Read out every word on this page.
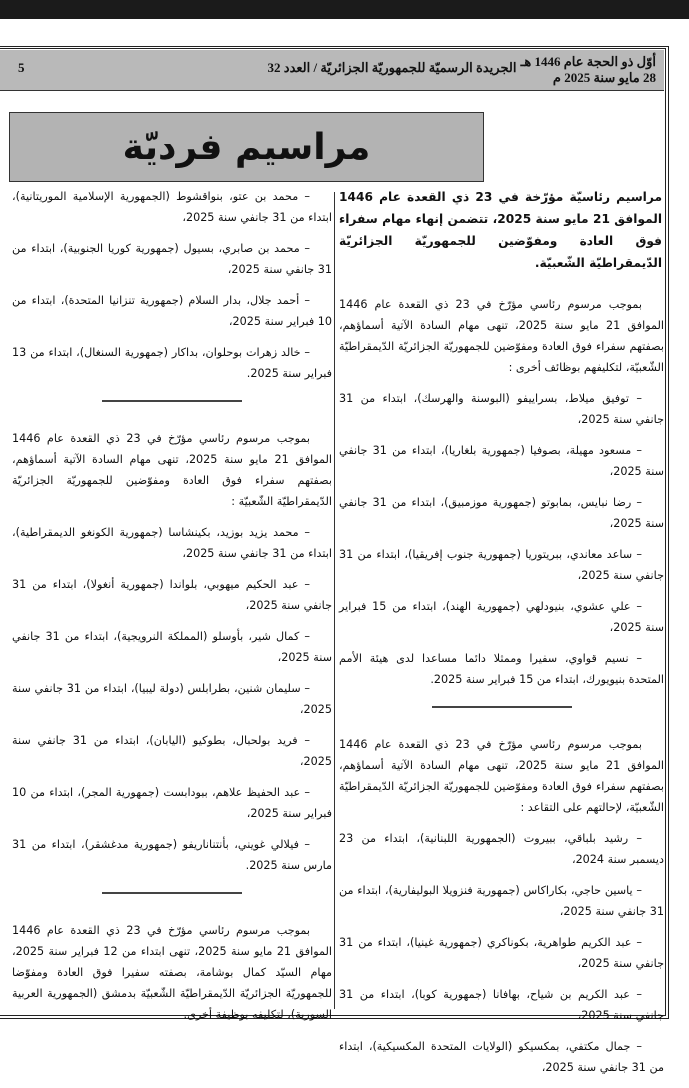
أوّل ذو الحجة عام 1446 هـ
28 مايو سنة 2025 م
الجريدة الرسميّة للجمهوريّة الجزائريّة / العدد 32
5
مراسيم فرديّة
مراسيم رئاسيّة مؤرّخة في 23 ذي القعدة عام 1446 الموافق 21 مايو سنة 2025، تتضمن إنهاء مهام سفراء فوق العادة ومفوّضين للجمهوريّة الجزائريّة الدّيمقراطيّة الشّعبيّة.

بموجب مرسوم رئاسي مؤرّخ في 23 ذي القعدة عام 1446 الموافق 21 مايو سنة 2025، تنهى مهام السادة الآتية أسماؤهم، بصفتهم سفراء فوق العادة ومفوّضين للجمهوريّة الجزائريّة الدّيمقراطيّة الشّعبيّة، لتكليفهم بوظائف أخرى :

– توفيق ميلاط، بسراييفو (البوسنة والهرسك)، ابتداء من 31 جانفي سنة 2025،

– مسعود مهيلة، بصوفيا (جمهورية بلغاريا)، ابتداء من 31 جانفي سنة 2025،

– رضا نبايس، بمابوتو (جمهورية موزمبيق)، ابتداء من 31 جانفي سنة 2025،

– ساعد معاندي، ببريتوريا (جمهورية جنوب إفريقيا)، ابتداء من 31 جانفي سنة 2025،

– علي عشوي، بنيودلهي (جمهورية الهند)، ابتداء من 15 فبراير سنة 2025،

– نسيم قواوي، سفيرا وممثلا دائما مساعدا لدى هيئة الأمم المتحدة بنيويورك، ابتداء من 15 فبراير سنة 2025.

بموجب مرسوم رئاسي مؤرّخ في 23 ذي القعدة عام 1446 الموافق 21 مايو سنة 2025، تنهى مهام السادة الآتية أسماؤهم، بصفتهم سفراء فوق العادة ومفوّضين للجمهوريّة الجزائريّة الدّيمقراطيّة الشّعبيّة، لإحالتهم على التقاعد :

– رشيد بلباقي، ببيروت (الجمهورية اللبنانية)، ابتداء من 23 ديسمبر سنة 2024،

– ياسين حاجي، بكاراكاس (جمهورية فنزويلا البوليفارية)، ابتداء من 31 جانفي سنة 2025،

– عبد الكريم طواهرية، بكوناكري (جمهورية غينيا)، ابتداء من 31 جانفي سنة 2025،

– عبد الكريم بن شياح، بهافانا (جمهورية كوبا)، ابتداء من 31 جانفي سنة 2025،

– جمال مكتفي، بمكسيكو (الولايات المتحدة المكسيكية)، ابتداء من 31 جانفي سنة 2025،

– محمد بن عتو، بنواقشوط (الجمهورية الإسلامية الموريتانية)، ابتداء من 31 جانفي سنة 2025،

– محمد بن صابري، بسيول (جمهورية كوريا الجنوبية)، ابتداء من 31 جانفي سنة 2025،

– أحمد جلال، بدار السلام (جمهورية تنزانيا المتحدة)، ابتداء من 10 فبراير سنة 2025،

– خالد زهرات بوحلوان، بداكار (جمهورية السنغال)، ابتداء من 13 فبراير سنة 2025.

بموجب مرسوم رئاسي مؤرّخ في 23 ذي القعدة عام 1446 الموافق 21 مايو سنة 2025، تنهى مهام السادة الآتية أسماؤهم، بصفتهم سفراء فوق العادة ومفوّضين للجمهوريّة الجزائريّة الدّيمقراطيّة الشّعبيّة :

– محمد يزيد بوزيد، بكينشاسا (جمهورية الكونغو الديمقراطية)، ابتداء من 31 جانفي سنة 2025،

– عبد الحكيم ميهوبي، بلواندا (جمهورية أنغولا)، ابتداء من 31 جانفي سنة 2025،

– كمال شير، بأوسلو (المملكة النرويجية)، ابتداء من 31 جانفي سنة 2025،

– سليمان شنين، بطرابلس (دولة ليبيا)، ابتداء من 31 جانفي سنة 2025،

– فريد بولحبال، بطوكيو (اليابان)، ابتداء من 31 جانفي سنة 2025،

– عبد الحفيظ علاهم، ببودابست (جمهورية المجر)، ابتداء من 10 فبراير سنة 2025،

– فيلالي غويني، بأنتناناريفو (جمهورية مدغشقر)، ابتداء من 31 مارس سنة 2025.

بموجب مرسوم رئاسي مؤرّخ في 23 ذي القعدة عام 1446 الموافق 21 مايو سنة 2025، تنهى ابتداء من 12 فبراير سنة 2025، مهام السيّد كمال بوشامة، بصفته سفيرا فوق العادة ومفوّضا للجمهوريّة الجزائريّة الدّيمقراطيّة الشّعبيّة بدمشق (الجمهورية العربية السورية)، لتكليفه بوظيفة أخرى.
